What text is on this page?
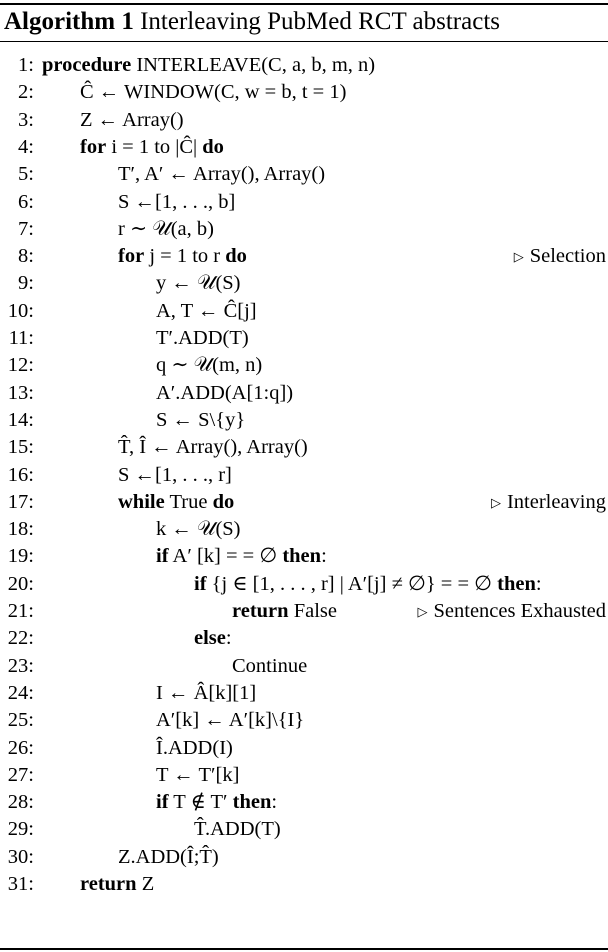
Algorithm 1 Interleaving PubMed RCT abstracts
1: procedure INTERLEAVE(C, a, b, m, n)
2: Ĉ ← WINDOW(C, w = b, t = 1)
3: Z ← Array()
4: for i = 1 to |Ĉ| do
5:	T′, A′ ← Array(), Array()
6:	S ←[1, . . ., b]
7:	r ∼ 𝒰(a, b)
8:	for j = 1 to r do	▷ Selection
9:	y ← 𝒰(S)
10:	A, T ← Ĉ[j]
11:	T′.ADD(T)
12:	q ∼ 𝒰(m, n)
13:	A′.ADD(A[1:q])
14:	S ← S\{y}
15:	T̂, Î ← Array(), Array()
16:	S ←[1, . . ., r]
17:	while True do	▷ Interleaving
18:	k ← 𝒰(S)
19:	if A′ [k] = = ∅ then:
20:	if {j ∈ [1, . . . , r] | A′[j] ≠ ∅} = = ∅ then:
21:	return False	▷ Sentences Exhausted
22:	else:
23:	Continue
24:	I ← Â[k][1]
25:	A′[k] ← A′[k]\{I}
26:	Î.ADD(I)
27:	T ← T′[k]
28:	if T ∉ T′ then:
29:	T̂.ADD(T)
30:	Z.ADD(Î;T̂)
31: return Z
